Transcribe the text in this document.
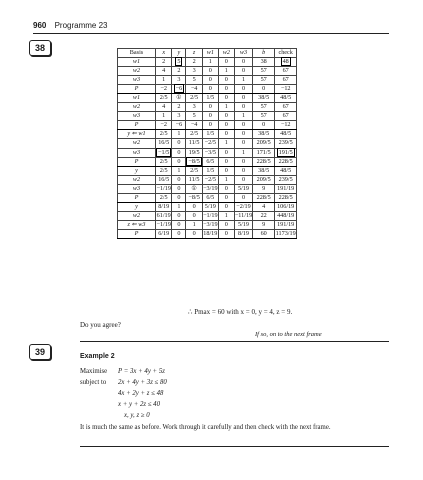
960 Programme 23
38	Basis	x	y	z	w1	w2	w3	b	check
w1	2	5	2	1	0	0	38	48
w2	4	2	3	0	1	0	57	67
w3	1	3	5	0	0	1	57	67
P	−2	−6	−4	0	0	0	0	−12
w1	2/5	①	2/5	1/5	0	0	38/5	48/5
w2	4	2	3	0	1	0	57	67
w3	1	3	5	0	0	1	57	67
P	−2	−6	−4	0	0	0	0	−12
y ⇐ w1	2/5	1	2/5	1/5	0	0	38/5	48/5
w2	16/5	0	11/5	−2/5	1	0	209/5	239/5
w3	−1/5	0	19/5	−3/5	0	1	171/5	191/5
P	2/5	0	−8/5	6/5	0	0	228/5	228/5
y	2/5	1	2/5	1/5	0	0	38/5	48/5
w2	16/5	0	11/5	−2/5	1	0	209/5	239/5
w3	−1/19	0	①	−3/19	0	5/19	9	191/19
P	2/5	0	−8/5	6/5	0	0	228/5	228/5
y	8/19	1	0	5/19	0	−2/19	4	106/19
w2	61/19	0	0	−1/19	1	−11/19	22	448/19
z ⇐ w3	−1/19	0	1	−3/19	0	5/19	9	191/19
P	6/19	0	0	18/19	0	8/19	60	1173/19
∴ Pmax = 60 with x = 0, y = 4, z = 9.
Do you agree?
If so, on to the next frame
39	Example 2
Maximise P = 3x + 4y + 5z
subject to 2x + 4y + 3z ≤ 80
4x + 2y + z ≤ 48
x + y + 2z ≤ 40
x, y, z ≥ 0
It is much the same as before. Work through it carefully and then check with the next frame.
